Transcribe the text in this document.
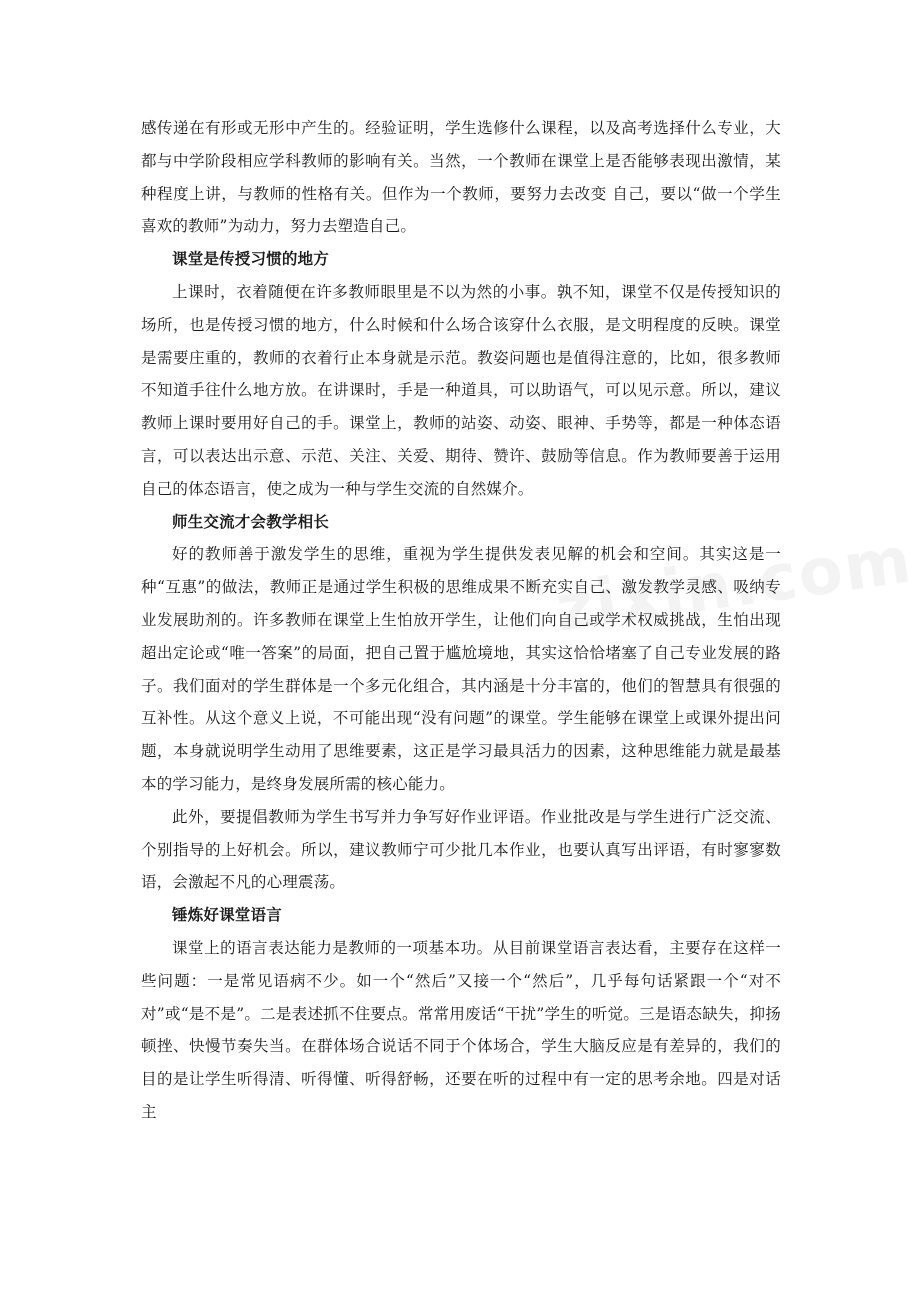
感传递在有形或无形中产生的。经验证明，学生选修什么课程，以及高考选择什么专业，大都与中学阶段相应学科教师的影响有关。当然，一个教师在课堂上是否能够表现出激情，某种程度上讲，与教师的性格有关。但作为一个教师，要努力去改变 自己，要以“做一个学生喜欢的教师”为动力，努力去塑造自己。

课堂是传授习惯的地方

上课时，衣着随便在许多教师眼里是不以为然的小事。孰不知，课堂不仅是传授知识的场所，也是传授习惯的地方，什么时候和什么场合该穿什么衣服，是文明程度的反映。课堂是需要庄重的，教师的衣着行止本身就是示范。教姿问题也是值得注意的，比如，很多教师不知道手往什么地方放。在讲课时，手是一种道具，可以助语气，可以见示意。所以，建议教师上课时要用好自己的手。课堂上，教师的站姿、动姿、眼神、手势等，都是一种体态语言，可以表达出示意、示范、关注、关爱、期待、赞许、鼓励等信息。作为教师要善于运用自己的体态语言，使之成为一种与学生交流的自然媒介。

师生交流才会教学相长

好的教师善于激发学生的思维，重视为学生提供发表见解的机会和空间。其实这是一种“互惠”的做法，教师正是通过学生积极的思维成果不断充实自己、激发教学灵感、吸纳专业发展助剂的。许多教师在课堂上生怕放开学生，让他们向自己或学术权威挑战，生怕出现超出定论或“唯一答案”的局面，把自己置于尴尬境地，其实这恰恰堵塞了自己专业发展的路子。我们面对的学生群体是一个多元化组合，其内涵是十分丰富的，他们的智慧具有很强的互补性。从这个意义上说，不可能出现“没有问题”的课堂。学生能够在课堂上或课外提出问题，本身就说明学生动用了思维要素，这正是学习最具活力的因素，这种思维能力就是最基本的学习能力，是终身发展所需的核心能力。

此外，要提倡教师为学生书写并力争写好作业评语。作业批改是与学生进行广泛交流、个别指导的上好机会。所以，建议教师宁可少批几本作业，也要认真写出评语，有时寥寥数语，会激起不凡的心理震荡。

锤炼好课堂语言

课堂上的语言表达能力是教师的一项基本功。从目前课堂语言表达看，主要存在这样一些问题：一是常见语病不少。如一个“然后”又接一个“然后”，几乎每句话紧跟一个“对不对”或“是不是”。二是表述抓不住要点。常常用废话“干扰”学生的听觉。三是语态缺失，抑扬顿挫、快慢节奏失当。在群体场合说话不同于个体场合，学生大脑反应是有差异的，我们的目的是让学生听得清、听得懂、听得舒畅，还要在听的过程中有一定的思考余地。四是对话主
